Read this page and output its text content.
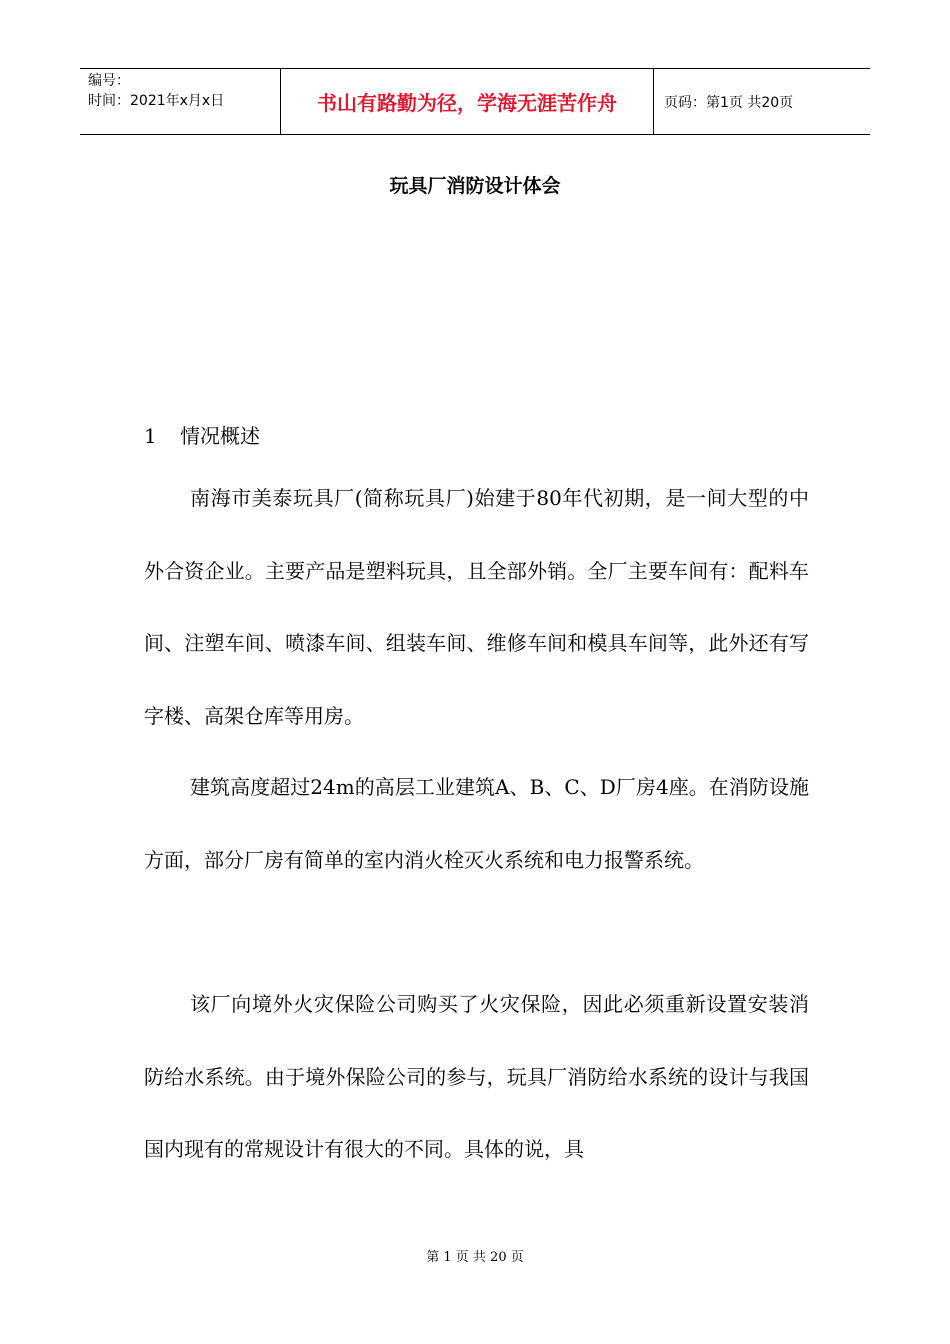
编号：
时间：2021年x月x日	书山有路勤为径，学海无涯苦作舟	页码：第1页 共20页
玩具厂消防设计体会
1 情况概述

南海市美泰玩具厂(简称玩具厂)始建于80年代初期，是一间大型的中外合资企业。主要产品是塑料玩具，且全部外销。全厂主要车间有：配料车间、注塑车间、喷漆车间、组装车间、维修车间和模具车间等，此外还有写字楼、高架仓库等用房。

建筑高度超过24m的高层工业建筑A、B、C、D厂房4座。在消防设施方面，部分厂房有简单的室内消火栓灭火系统和电力报警系统。

该厂向境外火灾保险公司购买了火灾保险，因此必须重新设置安装消防给水系统。由于境外保险公司的参与，玩具厂消防给水系统的设计与我国国内现有的常规设计有很大的不同。具体的说，具

第 1 页 共 20 页
